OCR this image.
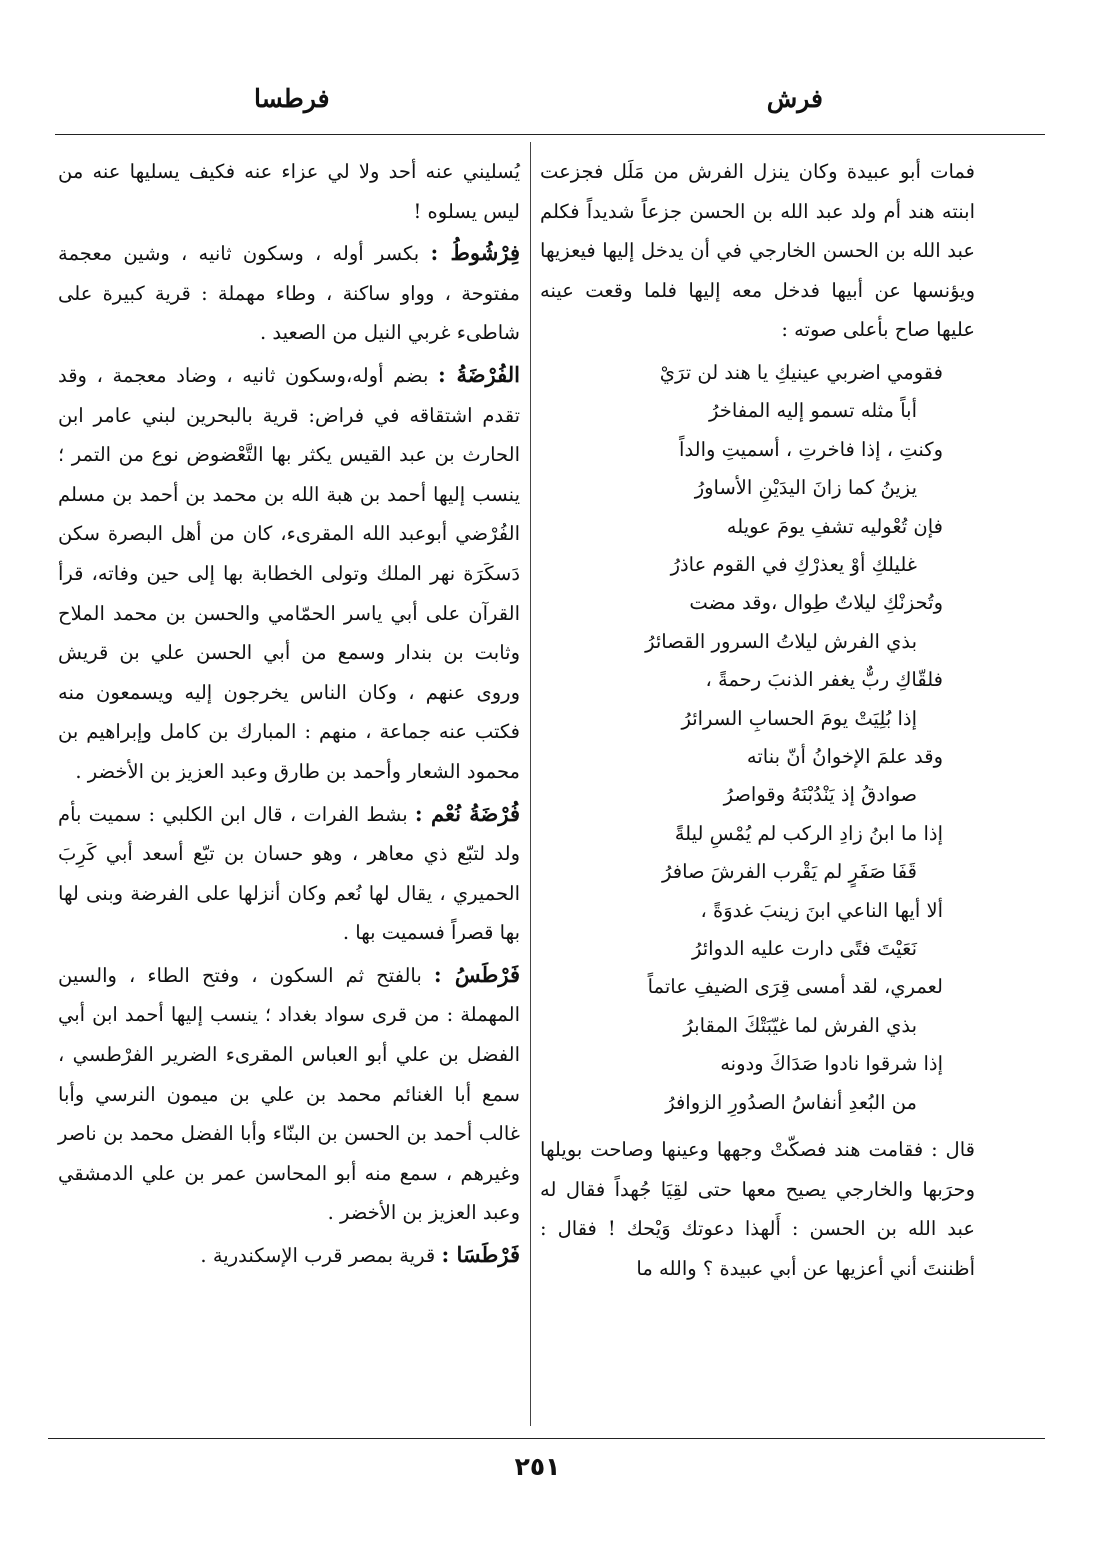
فرش
فرطسا

فمات أبو عبيدة وكان ينزل الفرش من مَلَل فجزعت ابنته هند أم ولد عبد الله بن الحسن جزعاً شديداً فكلم عبد الله بن الحسن الخارجي في أن يدخل إليها فيعزيها ويؤنسها عن أبيها فدخل معه إليها فلما وقعت عينه عليها صاح بأعلى صوته :

فقومي اضربي عينيكِ يا هند لن ترَيْ
أباً مثله تسمو إليه المفاخرُ
وكنتِ ، إذا فاخرتِ ، أسميتِ والداً
يزينُ كما زانَ اليدَيْنِ الأساورُ
فإن تُعْوليه تشفِ يومَ عويله
غليلكِ أوْ يعذرْكِ في القوم عاذرُ
وتُحزنْكِ ليلاتٌ طِوال ،وقد مضت
بذي الفرش ليلاتُ السرور القصائرُ
فلقّاكِ ربٌّ يغفر الذنبَ رحمةً ،
إذا بُلِيَتْ يومَ الحسابِ السرائرُ
وقد علمَ الإخوانُ أنّ بناته
صوادقُ إذ يَنْدُبْنَهُ وقواصرُ
إذا ما ابنُ زادِ الركب لم يُمْسِ ليلةً
قَفَا صَفَرٍ لم يَقْرب الفرشَ صافرُ
ألا أيها الناعي ابنَ زينبَ غدوَةً ،
نَعَيْتَ فتًى دارت عليه الدوائرُ
لعمري، لقد أمسى قِرَى الضيفِ عاتماً
بذي الفرش لما غيّبَتْكَ المقابرُ
إذا شرقوا نادوا صَدَاكَ ودونه
من البُعدِ أنفاسُ الصدُورِ الزوافرُ

قال : فقامت هند فصكّتْ وجهها وعينها وصاحت بويلها وحرَبها والخارجي يصيح معها حتى لقِيَا جُهداً فقال له عبد الله بن الحسن : أَلهذا دعوتك وَيْحك ! فقال : أظننتَ أني أعزيها عن أبي عبيدة ؟ والله ما

يُسليني عنه أحد ولا لي عزاء عنه فكيف يسليها عنه من ليس يسلوه !

فِرْشُوطُ : بكسر أوله ، وسكون ثانيه ، وشين معجمة مفتوحة ، وواو ساكنة ، وطاء مهملة : قرية كبيرة على شاطىء غربي النيل من الصعيد .

الفُرْضَةُ : بضم أوله،وسكون ثانيه ، وضاد معجمة ، وقد تقدم اشتقاقه في فراض: قرية بالبحرين لبني عامر ابن الحارث بن عبد القيس يكثر بها التَّعْضوض نوع من التمر ؛ ينسب إليها أحمد بن هبة الله بن محمد بن أحمد بن مسلم الفُرْضي أبوعبد الله المقرىء، كان من أهل البصرة سكن دَسكَرَة نهر الملك وتولى الخطابة بها إلى حين وفاته، قرأ القرآن على أبي ياسر الحمّامي والحسن بن محمد الملاح وثابت بن بندار وسمع من أبي الحسن علي بن قريش وروى عنهم ، وكان الناس يخرجون إليه ويسمعون منه فكتب عنه جماعة ، منهم : المبارك بن كامل وإبراهيم بن محمود الشعار وأحمد بن طارق وعبد العزيز بن الأخضر .

فُرْضَةُ نُعْم : بشط الفرات ، قال ابن الكلبي : سميت بأم ولد لتبّع ذي معاهر ، وهو حسان بن تبّع أسعد أبي كَرِبَ الحميري ، يقال لها نُعم وكان أنزلها على الفرضة وبنى لها بها قصراً فسميت بها .

فَرْطَسُ : بالفتح ثم السكون ، وفتح الطاء ، والسين المهملة : من قرى سواد بغداد ؛ ينسب إليها أحمد ابن أبي الفضل بن علي أبو العباس المقرىء الضرير الفرْطسي ، سمع أبا الغنائم محمد بن علي بن ميمون النرسي وأبا غالب أحمد بن الحسن بن البنّاء وأبا الفضل محمد بن ناصر وغيرهم ، سمع منه أبو المحاسن عمر بن علي الدمشقي وعبد العزيز بن الأخضر .

فَرْطَسَا : قرية بمصر قرب الإسكندرية .

٢٥١
